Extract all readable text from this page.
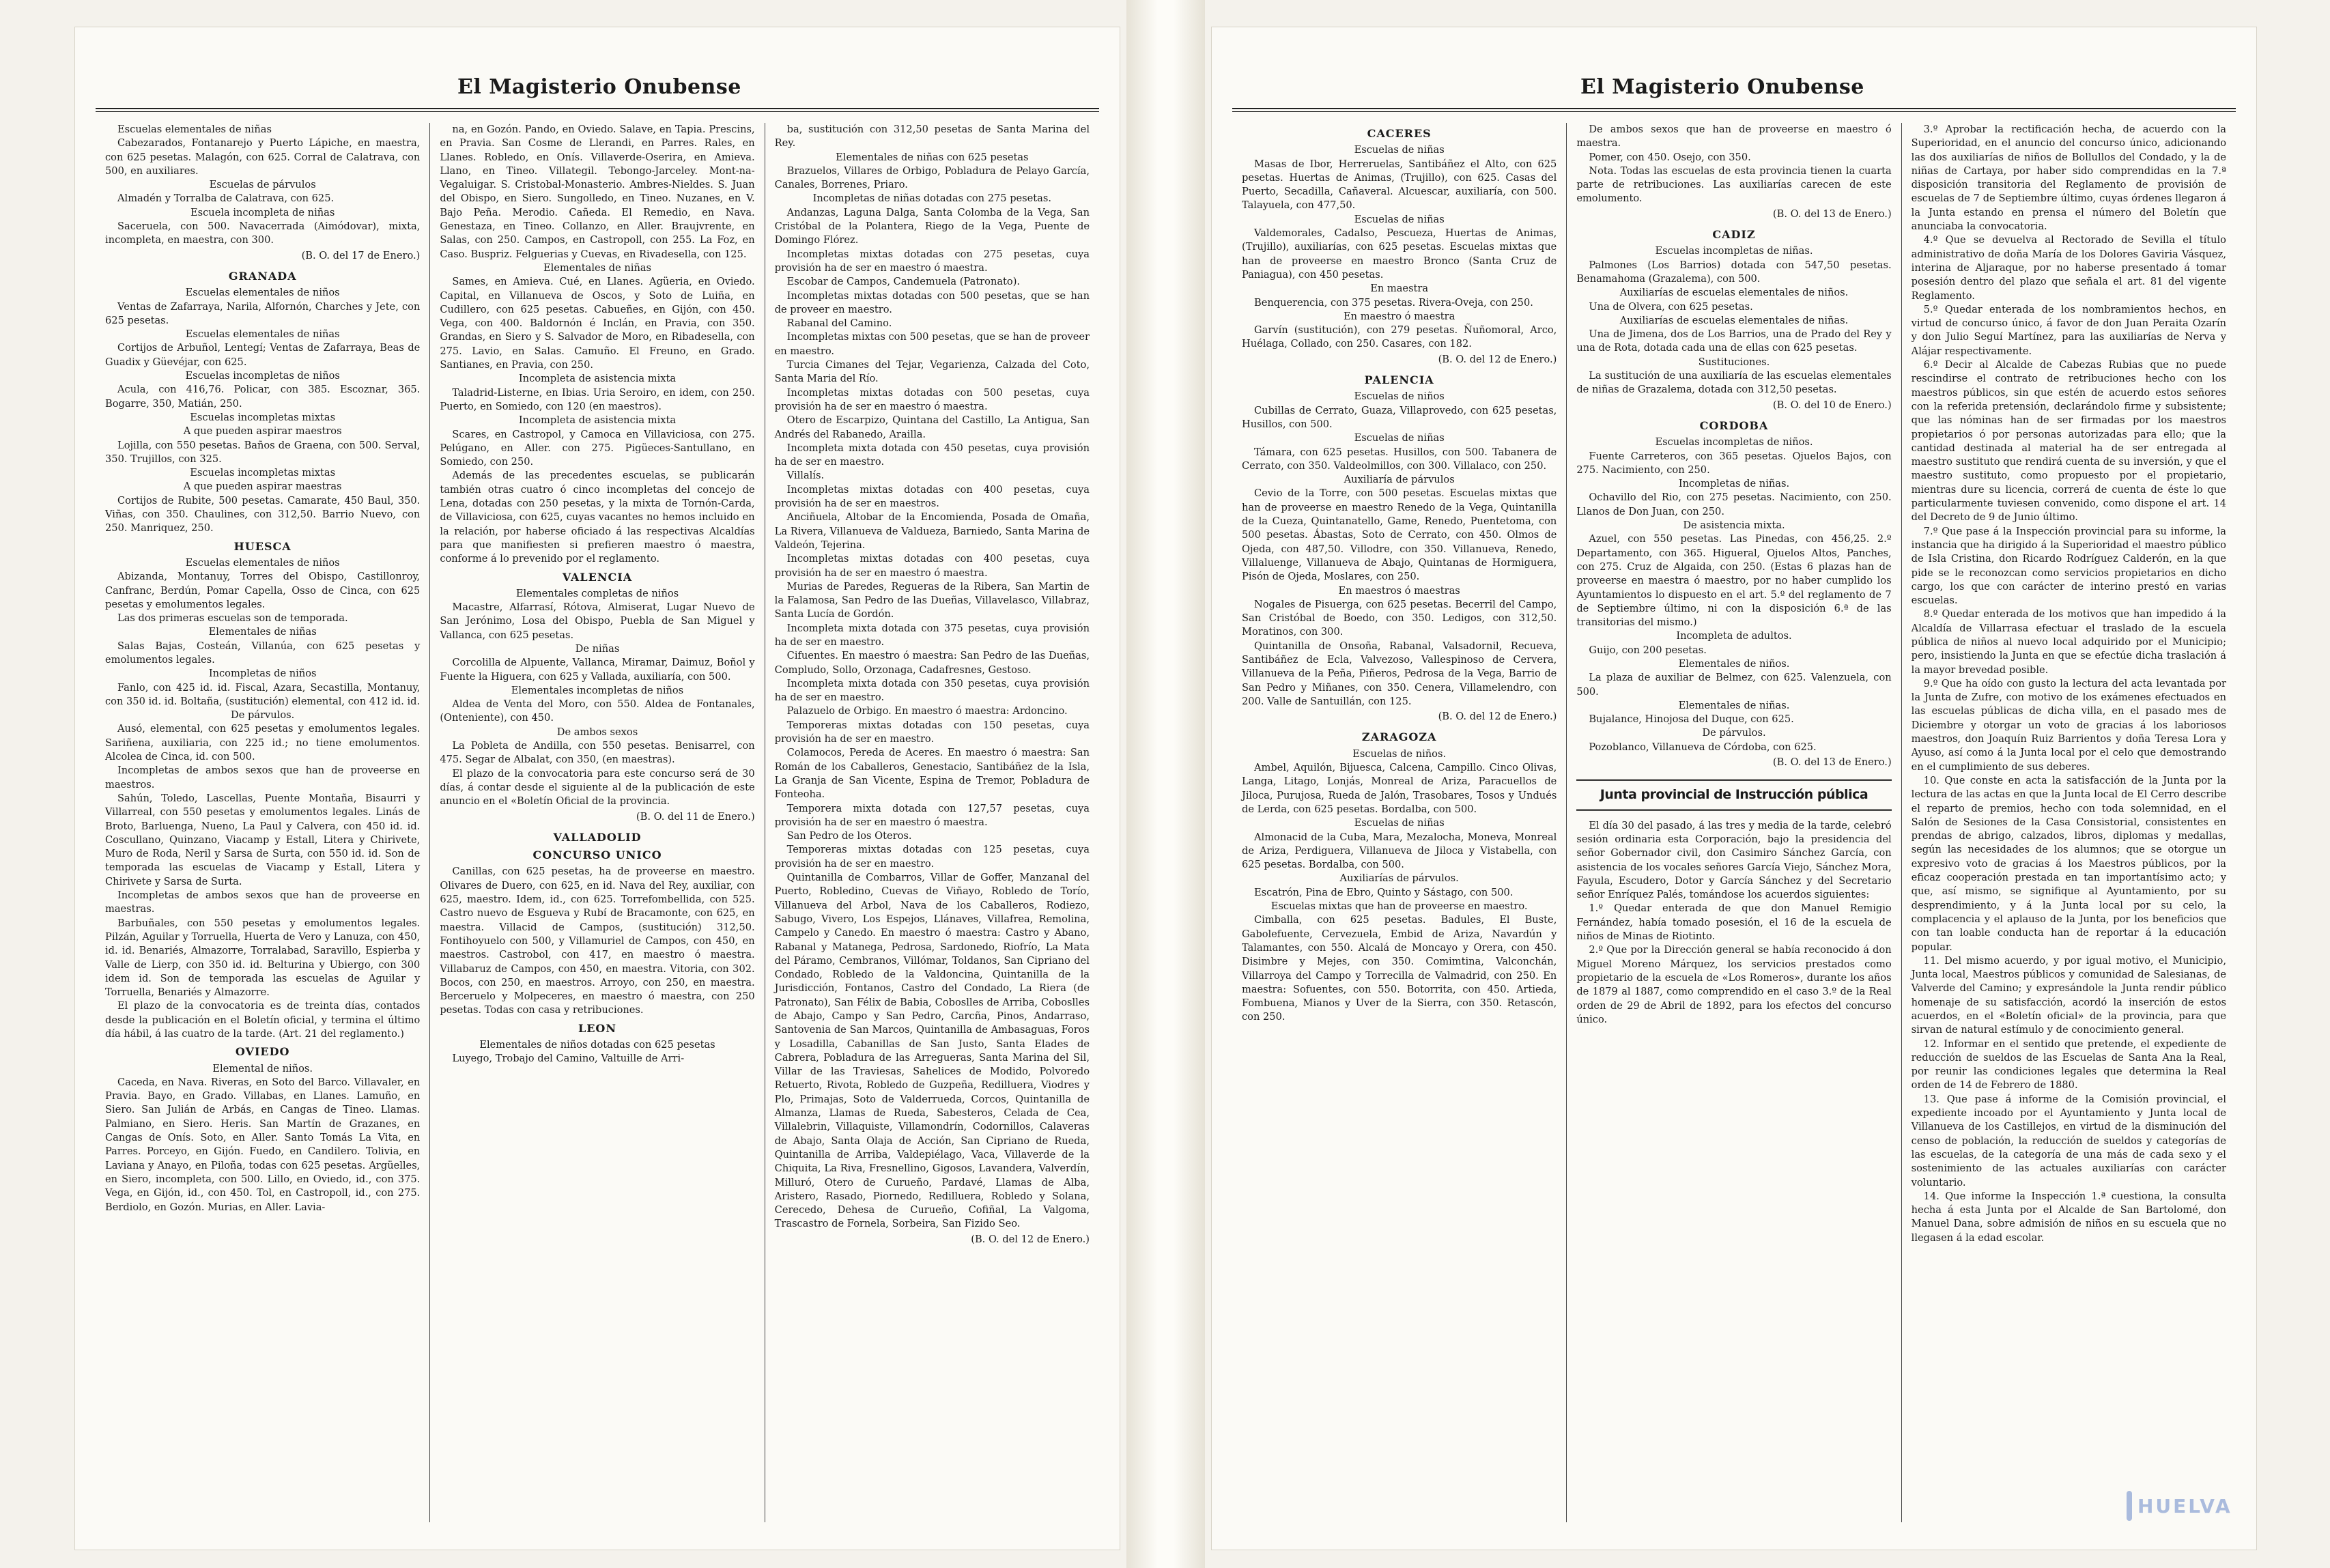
El Magisterio Onubense

Escuelas elementales de niñas

Cabezarados, Fontanarejo y Puerto Lápiche, en maestra, con 625 pesetas. Malagón, con 625. Corral de Calatrava, con 500, en auxiliares.

Escuelas de párvulos

Almadén y Torralba de Calatrava, con 625.

Escuela incompleta de niñas

Saceruela, con 500. Navacerrada (Aimódovar), mixta, incompleta, en maestra, con 300.

(B. O. del 17 de Enero.)

GRANADA

Escuelas elementales de niños

Ventas de Zafarraya, Narila, Alfornón, Charches y Jete, con 625 pesetas.

Escuelas elementales de niñas

Cortijos de Arbuñol, Lentegí; Ventas de Zafarraya, Beas de Guadix y Güevéjar, con 625.

Escuelas incompletas de niños

Acula, con 416,76. Policar, con 385. Escoznar, 365. Bogarre, 350, Matián, 250.

Escuelas incompletas mixtas

A que pueden aspirar maestros

Lojilla, con 550 pesetas. Baños de Graena, con 500. Serval, 350. Trujillos, con 325.

Escuelas incompletas mixtas

A que pueden aspirar maestras

Cortijos de Rubite, 500 pesetas. Camarate, 450 Baul, 350. Viñas, con 350. Chaulines, con 312,50. Barrio Nuevo, con 250. Manriquez, 250.

HUESCA

Escuelas elementales de niños

Abizanda, Montanuy, Torres del Obispo, Castillonroy, Canfranc, Berdún, Pomar Capella, Osso de Cinca, con 625 pesetas y emolumentos legales.

Las dos primeras escuelas son de temporada.

Elementales de niñas

Salas Bajas, Costeán, Villanúa, con 625 pesetas y emolumentos legales.

Incompletas de niños

Fanlo, con 425 id. id. Fiscal, Azara, Secastilla, Montanuy, con 350 id. id. Boltaña, (sustitución) elemental, con 412 id. id.

De párvulos.

Ausó, elemental, con 625 pesetas y emolumentos legales. Sariñena, auxiliaria, con 225 id.; no tiene emolumentos. Alcolea de Cinca, id. con 500.

Incompletas de ambos sexos que han de proveerse en maestros.

Sahún, Toledo, Lascellas, Puente Montaña, Bisaurri y Villarreal, con 550 pesetas y emolumentos legales. Linás de Broto, Barluenga, Nueno, La Paul y Calvera, con 450 id. id. Coscullano, Quinzano, Viacamp y Estall, Litera y Chirivete, Muro de Roda, Neril y Sarsa de Surta, con 550 id. id. Son de temporada las escuelas de Viacamp y Estall, Litera y Chirivete y Sarsa de Surta.

Incompletas de ambos sexos que han de proveerse en maestras.

Barbuñales, con 550 pesetas y emolumentos legales. Pilzán, Aguilar y Torruella, Huerta de Vero y Lanuza, con 450, id. id. Benariés, Almazorre, Torralabad, Saravillo, Espierba y Valle de Lierp, con 350 id. id. Belturina y Ubiergo, con 300 idem id. Son de temporada las escuelas de Aguilar y Torruella, Benariés y Almazorre.

El plazo de la convocatoria es de treinta días, contados desde la publicación en el Boletín oficial, y termina el último día hábil, á las cuatro de la tarde. (Art. 21 del reglamento.)

OVIEDO

Elemental de niños.

Caceda, en Nava. Riveras, en Soto del Barco. Villavaler, en Pravia. Bayo, en Grado. Villabas, en Llanes. Lamuño, en Siero. San Julián de Arbás, en Cangas de Tineo. Llamas. Palmiano, en Siero. Heris. San Martín de Grazanes, en Cangas de Onís. Soto, en Aller. Santo Tomás La Vita, en Parres. Porceyo, en Gijón. Fuedo, en Candilero. Tolivia, en Laviana y Anayo, en Piloña, todas con 625 pesetas. Argüelles, en Siero, incompleta, con 500. Lillo, en Oviedo, id., con 375. Vega, en Gijón, id., con 450. Tol, en Castropoll, id., con 275. Berdiolo, en Gozón. Murias, en Aller. Lavia-

na, en Gozón. Pando, en Oviedo. Salave, en Tapia. Prescins, en Pravia. San Cosme de Llerandi, en Parres. Rales, en Llanes. Robledo, en Onís. Villaverde-Oserira, en Amieva. Llano, en Tineo. Villategil. Tebongo-Jarceley. Mont-na-Vegaluigar. S. Cristobal-Monasterio. Ambres-Nieldes. S. Juan del Obispo, en Siero. Sungolledo, en Tineo. Nuzanes, en V. Bajo Peña. Merodio. Cañeda. El Remedio, en Nava. Genestaza, en Tineo. Collanzo, en Aller. Braujvrente, en Salas, con 250. Campos, en Castropoll, con 255. La Foz, en Caso. Buspriz. Felguerias y Cuevas, en Rivadesella, con 125.

Elementales de niñas

Sames, en Amieva. Cué, en Llanes. Agüeria, en Oviedo. Capital, en Villanueva de Oscos, y Soto de Luiña, en Cudillero, con 625 pesetas. Cabueñes, en Gijón, con 450. Vega, con 400. Baldornón é Inclán, en Pravia, con 350. Grandas, en Siero y S. Salvador de Moro, en Ribadesella, con 275. Lavio, en Salas. Camuño. El Freuno, en Grado. Santianes, en Pravia, con 250.

Incompleta de asistencia mixta

Taladrid-Listerne, en Ibias. Uria Seroiro, en idem, con 250. Puerto, en Somiedo, con 120 (en maestros).

Incompleta de asistencia mixta

Scares, en Castropol, y Camoca en Villaviciosa, con 275. Pelúgano, en Aller. con 275. Pigüeces-Santullano, en Somiedo, con 250.

Además de las precedentes escuelas, se publicarán también otras cuatro ó cinco incompletas del concejo de Lena, dotadas con 250 pesetas, y la mixta de Tornón-Carda, de Villaviciosa, con 625, cuyas vacantes no hemos incluido en la relación, por haberse oficiado á las respectivas Alcaldías para que manifiesten si prefieren maestro ó maestra, conforme á lo prevenido por el reglamento.

VALENCIA

Elementales completas de niños

Macastre, Alfarrasí, Rótova, Almiserat, Lugar Nuevo de San Jerónimo, Losa del Obispo, Puebla de San Miguel y Vallanca, con 625 pesetas.

De niñas

Corcolilla de Alpuente, Vallanca, Miramar, Daimuz, Boñol y Fuente la Higuera, con 625 y Vallada, auxiliaría, con 500.

Elementales incompletas de niños

Aldea de Venta del Moro, con 550. Aldea de Fontanales, (Onteniente), con 450.

De ambos sexos

La Pobleta de Andilla, con 550 pesetas. Benisarrel, con 475. Segar de Albalat, con 350, (en maestras).

El plazo de la convocatoria para este concurso será de 30 días, á contar desde el siguiente al de la publicación de este anuncio en el «Boletín Oficial de la provincia.

(B. O. del 11 de Enero.)

VALLADOLID

CONCURSO UNICO

Canillas, con 625 pesetas, ha de proveerse en maestro. Olivares de Duero, con 625, en id. Nava del Rey, auxiliar, con 625, maestro. Idem, id., con 625. Torrefombellida, con 525. Castro nuevo de Esgueva y Rubí de Bracamonte, con 625, en maestra. Villacid de Campos, (sustitución) 312,50. Fontihoyuelo con 500, y Villamuriel de Campos, con 450, en maestros. Castrobol, con 417, en maestro ó maestra. Villabaruz de Campos, con 450, en maestra. Vitoria, con 302. Bocos, con 250, en maestros. Arroyo, con 250, en maestra. Berceruelo y Molpeceres, en maestro ó maestra, con 250 pesetas. Todas con casa y retribuciones.

LEON

Elementales de niños dotadas con 625 pesetas

Luyego, Trobajo del Camino, Valtuille de Arri-

ba, sustitución con 312,50 pesetas de Santa Marina del Rey.

Elementales de niñas con 625 pesetas

Brazuelos, Villares de Orbigo, Pobladura de Pelayo García, Canales, Borrenes, Priaro.

Incompletas de niñas dotadas con 275 pesetas.

Andanzas, Laguna Dalga, Santa Colomba de la Vega, San Cristóbal de la Polantera, Riego de la Vega, Puente de Domingo Flórez.

Incompletas mixtas dotadas con 275 pesetas, cuya provisión ha de ser en maestro ó maestra.

Escobar de Campos, Candemuela (Patronato).

Incompletas mixtas dotadas con 500 pesetas, que se han de proveer en maestro.

Rabanal del Camino.

Incompletas mixtas con 500 pesetas, que se han de proveer en maestro.

Turcia Cimanes del Tejar, Vegarienza, Calzada del Coto, Santa Maria del Río.

Incompletas mixtas dotadas con 500 pesetas, cuya provisión ha de ser en maestro ó maestra.

Otero de Escarpizo, Quintana del Castillo, La Antigua, San Andrés del Rabanedo, Arailla.

Incompleta mixta dotada con 450 pesetas, cuya provisión ha de ser en maestro.

Villalís.

Incompletas mixtas dotadas con 400 pesetas, cuya provisión ha de ser en maestros.

Anciñuela, Altobar de la Encomienda, Posada de Omaña, La Rivera, Villanueva de Valdueza, Barniedo, Santa Marina de Valdeón, Tejerina.

Incompletas mixtas dotadas con 400 pesetas, cuya provisión ha de ser en maestro ó maestra.

Murias de Paredes, Regueras de la Ribera, San Martin de la Falamosa, San Pedro de las Dueñas, Villavelasco, Villabraz, Santa Lucía de Gordón.

Incompleta mixta dotada con 375 pesetas, cuya provisión ha de ser en maestro.

Cifuentes. En maestro ó maestra: San Pedro de las Dueñas, Compludo, Sollo, Orzonaga, Cadafresnes, Gestoso.

Incompleta mixta dotada con 350 pesetas, cuya provisión ha de ser en maestro.

Palazuelo de Orbigo. En maestro ó maestra: Ardoncino.

Temporeras mixtas dotadas con 150 pesetas, cuya provisión ha de ser en maestro.

Colamocos, Pereda de Aceres. En maestro ó maestra: San Román de los Caballeros, Genestacio, Santibáñez de la Isla, La Granja de San Vicente, Espina de Tremor, Pobladura de Fonteoha.

Temporera mixta dotada con 127,57 pesetas, cuya provisión ha de ser en maestro ó maestra.

San Pedro de los Oteros.

Temporeras mixtas dotadas con 125 pesetas, cuya provisión ha de ser en maestro.

Quintanilla de Combarros, Villar de Goffer, Manzanal del Puerto, Robledino, Cuevas de Viñayo, Robledo de Torío, Villanueva del Arbol, Nava de los Caballeros, Rodiezo, Sabugo, Vivero, Los Espejos, Llánaves, Villafrea, Remolina, Campelo y Canedo. En maestro ó maestra: Castro y Abano, Rabanal y Matanega, Pedrosa, Sardonedo, Riofrío, La Mata del Páramo, Cembranos, Villómar, Toldanos, San Cipriano del Condado, Robledo de la Valdoncina, Quintanilla de la Jurisdicción, Fontanos, Castro del Condado, La Riera (de Patronato), San Félix de Babia, Coboslles de Arriba, Coboslles de Abajo, Campo y San Pedro, Carcña, Pinos, Andarraso, Santovenia de San Marcos, Quintanilla de Ambasaguas, Foros y Losadilla, Cabanillas de San Justo, Santa Elades de Cabrera, Pobladura de las Arregueras, Santa Marina del Sil, Villar de las Traviesas, Sahelices de Modido, Polvoredo Retuerto, Rivota, Robledo de Guzpeña, Redilluera, Viodres y Plo, Primajas, Soto de Valderrueda, Corcos, Quintanilla de Almanza, Llamas de Rueda, Sabesteros, Celada de Cea, Villalebrin, Villaquiste, Villamondrín, Codornillos, Calaveras de Abajo, Santa Olaja de Acción, San Cipriano de Rueda, Quintanilla de Arriba, Valdepiélago, Vaca, Villaverde de la Chiquita, La Riva, Fresnellino, Gigosos, Lavandera, Valverdín, Milluró, Otero de Curueño, Pardavé, Llamas de Alba, Aristero, Rasado, Piornedo, Redilluera, Robledo y Solana, Cerecedo, Dehesa de Curueño, Cofiñal, La Valgoma, Trascastro de Fornela, Sorbeira, San Fizido Seo.

(B. O. del 12 de Enero.)

El Magisterio Onubense

CACERES

Escuelas de niñas

Masas de Ibor, Herreruelas, Santibáñez el Alto, con 625 pesetas. Huertas de Animas, (Trujillo), con 625. Casas del Puerto, Secadilla, Cañaveral. Alcuescar, auxiliaría, con 500. Talayuela, con 477,50.

Escuelas de niñas

Valdemorales, Cadalso, Pescueza, Huertas de Animas, (Trujillo), auxiliarías, con 625 pesetas. Escuelas mixtas que han de proveerse en maestro Bronco (Santa Cruz de Paniagua), con 450 pesetas.

En maestra

Benquerencia, con 375 pesetas. Rivera-Oveja, con 250.

En maestro ó maestra

Garvín (sustitución), con 279 pesetas. Ñuñomoral, Arco, Huélaga, Collado, con 250. Casares, con 182.

(B. O. del 12 de Enero.)

PALENCIA

Escuelas de niños

Cubillas de Cerrato, Guaza, Villaprovedo, con 625 pesetas, Husillos, con 500.

Escuelas de niñas

Támara, con 625 pesetas. Husillos, con 500. Tabanera de Cerrato, con 350. Valdeolmillos, con 300. Villalaco, con 250.

Auxiliaría de párvulos

Cevio de la Torre, con 500 pesetas. Escuelas mixtas que han de proveerse en maestro Renedo de la Vega, Quintanilla de la Cueza, Quintanatello, Game, Renedo, Puentetoma, con 500 pesetas. Ábastas, Soto de Cerrato, con 450. Olmos de Ojeda, con 487,50. Villodre, con 350. Villanueva, Renedo, Villaluenge, Villanueva de Abajo, Quintanas de Hormiguera, Pisón de Ojeda, Moslares, con 250.

En maestros ó maestras

Nogales de Pisuerga, con 625 pesetas. Becerril del Campo, San Cristóbal de Boedo, con 350. Ledigos, con 312,50. Moratinos, con 300.

Quintanilla de Onsoña, Rabanal, Valsadornil, Recueva, Santibáñez de Ecla, Valvezoso, Vallespinoso de Cervera, Villanueva de la Peña, Piñeros, Pedrosa de la Vega, Barrio de San Pedro y Miñanes, con 350. Cenera, Villamelendro, con 200. Valle de Santuillán, con 125.

(B. O. del 12 de Enero.)

ZARAGOZA

Escuelas de niños.

Ambel, Aquilón, Bijuesca, Calcena, Campillo. Cinco Olivas, Langa, Litago, Lonjás, Monreal de Ariza, Paracuellos de Jiloca, Purujosa, Rueda de Jalón, Trasobares, Tosos y Undués de Lerda, con 625 pesetas. Bordalba, con 500.

Escuelas de niñas

Almonacid de la Cuba, Mara, Mezalocha, Moneva, Monreal de Ariza, Perdiguera, Villanueva de Jiloca y Vistabella, con 625 pesetas. Bordalba, con 500.

Auxiliarías de párvulos.

Escatrón, Pina de Ebro, Quinto y Sástago, con 500.

Escuelas mixtas que han de proveerse en maestro.

Cimballa, con 625 pesetas. Badules, El Buste, Gabolefuente, Cervezuela, Embid de Ariza, Navardún y Talamantes, con 550. Alcalá de Moncayo y Orera, con 450. Disimbre y Mejes, con 350. Comimtina, Valconchán, Villarroya del Campo y Torrecilla de Valmadrid, con 250. En maestra: Sofuentes, con 550. Botorrita, con 450. Artieda, Fombuena, Mianos y Uver de la Sierra, con 350. Retascón, con 250.

De ambos sexos que han de proveerse en maestro ó maestra.

Pomer, con 450. Osejo, con 350.

Nota. Todas las escuelas de esta provincia tienen la cuarta parte de retribuciones. Las auxiliarías carecen de este emolumento.

(B. O. del 13 de Enero.)

CADIZ

Escuelas incompletas de niñas.

Palmones (Los Barrios) dotada con 547,50 pesetas. Benamahoma (Grazalema), con 500.

Auxiliarías de escuelas elementales de niños.

Una de Olvera, con 625 pesetas.

Auxiliarías de escuelas elementales de niñas.

Una de Jimena, dos de Los Barrios, una de Prado del Rey y una de Rota, dotada cada una de ellas con 625 pesetas.

Sustituciones.

La sustitución de una auxiliaría de las escuelas elementales de niñas de Grazalema, dotada con 312,50 pesetas.

(B. O. del 10 de Enero.)

CORDOBA

Escuelas incompletas de niños.

Fuente Carreteros, con 365 pesetas. Ojuelos Bajos, con 275. Nacimiento, con 250.

Incompletas de niñas.

Ochavillo del Rio, con 275 pesetas. Nacimiento, con 250. Llanos de Don Juan, con 250.

De asistencia mixta.

Azuel, con 550 pesetas. Las Pinedas, con 456,25. 2.º Departamento, con 365. Higueral, Ojuelos Altos, Panches, con 275. Cruz de Algaida, con 250. (Estas 6 plazas han de proveerse en maestra ó maestro, por no haber cumplido los Ayuntamientos lo dispuesto en el art. 5.º del reglamento de 7 de Septiembre último, ni con la disposición 6.ª de las transitorias del mismo.)

Incompleta de adultos.

Guijo, con 200 pesetas.

Elementales de niños.

La plaza de auxiliar de Belmez, con 625. Valenzuela, con 500.

Elementales de niñas.

Bujalance, Hinojosa del Duque, con 625.

De párvulos.

Pozoblanco, Villanueva de Córdoba, con 625.

(B. O. del 13 de Enero.)

Junta provincial de Instrucción pública

El día 30 del pasado, á las tres y media de la tarde, celebró sesión ordinaria esta Corporación, bajo la presidencia del señor Gobernador civil, don Casimiro Sánchez García, con asistencia de los vocales señores García Viejo, Sánchez Mora, Fayula, Escudero, Dotor y García Sánchez y del Secretario señor Enríquez Palés, tomándose los acuerdos siguientes:

1.º Quedar enterada de que don Manuel Remigio Fernández, había tomado posesión, el 16 de la escuela de niños de Minas de Riotinto.

2.º Que por la Dirección general se había reconocido á don Miguel Moreno Márquez, los servicios prestados como propietario de la escuela de «Los Romeros», durante los años de 1879 al 1887, como comprendido en el caso 3.º de la Real orden de 29 de Abril de 1892, para los efectos del concurso único.

3.º Aprobar la rectificación hecha, de acuerdo con la Superioridad, en el anuncio del concurso único, adicionando las dos auxiliarías de niños de Bollullos del Condado, y la de niñas de Cartaya, por haber sido comprendidas en la 7.ª disposición transitoria del Reglamento de provisión de escuelas de 7 de Septiembre último, cuyas órdenes llegaron á la Junta estando en prensa el número del Boletín que anunciaba la convocatoria.

4.º Que se devuelva al Rectorado de Sevilla el título administrativo de doña María de los Dolores Gaviria Vásquez, interina de Aljaraque, por no haberse presentado á tomar posesión dentro del plazo que señala el art. 81 del vigente Reglamento.

5.º Quedar enterada de los nombramientos hechos, en virtud de concurso único, á favor de don Juan Peraita Ozarín y don Julio Seguí Martínez, para las auxiliarías de Nerva y Alájar respectivamente.

6.º Decir al Alcalde de Cabezas Rubias que no puede rescindirse el contrato de retribuciones hecho con los maestros públicos, sin que estén de acuerdo estos señores con la referida pretensión, declarándolo firme y subsistente; que las nóminas han de ser firmadas por los maestros propietarios ó por personas autorizadas para ello; que la cantidad destinada al material ha de ser entregada al maestro sustituto que rendirá cuenta de su inversión, y que el maestro sustituto, como propuesto por el propietario, mientras dure su licencia, correrá de cuenta de éste lo que particularmente tuviesen convenido, como dispone el art. 14 del Decreto de 9 de Junio último.

7.º Que pase á la Inspección provincial para su informe, la instancia que ha dirigido á la Superioridad el maestro público de Isla Cristina, don Ricardo Rodríguez Calderón, en la que pide se le reconozcan como servicios propietarios en dicho cargo, los que con carácter de interino prestó en varias escuelas.

8.º Quedar enterada de los motivos que han impedido á la Alcaldía de Villarrasa efectuar el traslado de la escuela pública de niños al nuevo local adquirido por el Municipio; pero, insistiendo la Junta en que se efectúe dicha traslación á la mayor brevedad posible.

9.º Que ha oído con gusto la lectura del acta levantada por la Junta de Zufre, con motivo de los exámenes efectuados en las escuelas públicas de dicha villa, en el pasado mes de Diciembre y otorgar un voto de gracias á los laboriosos maestros, don Joaquín Ruiz Barrientos y doña Teresa Lora y Ayuso, así como á la Junta local por el celo que demostrando en el cumplimiento de sus deberes.

10. Que conste en acta la satisfacción de la Junta por la lectura de las actas en que la Junta local de El Cerro describe el reparto de premios, hecho con toda solemnidad, en el Salón de Sesiones de la Casa Consistorial, consistentes en prendas de abrigo, calzados, libros, diplomas y medallas, según las necesidades de los alumnos; que se otorgue un expresivo voto de gracias á los Maestros públicos, por la eficaz cooperación prestada en tan importantísimo acto; y que, así mismo, se signifique al Ayuntamiento, por su desprendimiento, y á la Junta local por su celo, la complacencia y el aplauso de la Junta, por los beneficios que con tan loable conducta han de reportar á la educación popular.

11. Del mismo acuerdo, y por igual motivo, el Municipio, Junta local, Maestros públicos y comunidad de Salesianas, de Valverde del Camino; y expresándole la Junta rendir público homenaje de su satisfacción, acordó la inserción de estos acuerdos, en el «Boletín oficial» de la provincia, para que sirvan de natural estímulo y de conocimiento general.

12. Informar en el sentido que pretende, el expediente de reducción de sueldos de las Escuelas de Santa Ana la Real, por reunir las condiciones legales que determina la Real orden de 14 de Febrero de 1880.

13. Que pase á informe de la Comisión provincial, el expediente incoado por el Ayuntamiento y Junta local de Villanueva de los Castillejos, en virtud de la disminución del censo de población, la reducción de sueldos y categorías de las escuelas, de la categoría de una más de cada sexo y el sostenimiento de las actuales auxiliarías con carácter voluntario.

14. Que informe la Inspección 1.ª cuestiona, la consulta hecha á esta Junta por el Alcalde de San Bartolomé, don Manuel Dana, sobre admisión de niños en su escuela que no llegasen á la edad escolar.

HUELVA
